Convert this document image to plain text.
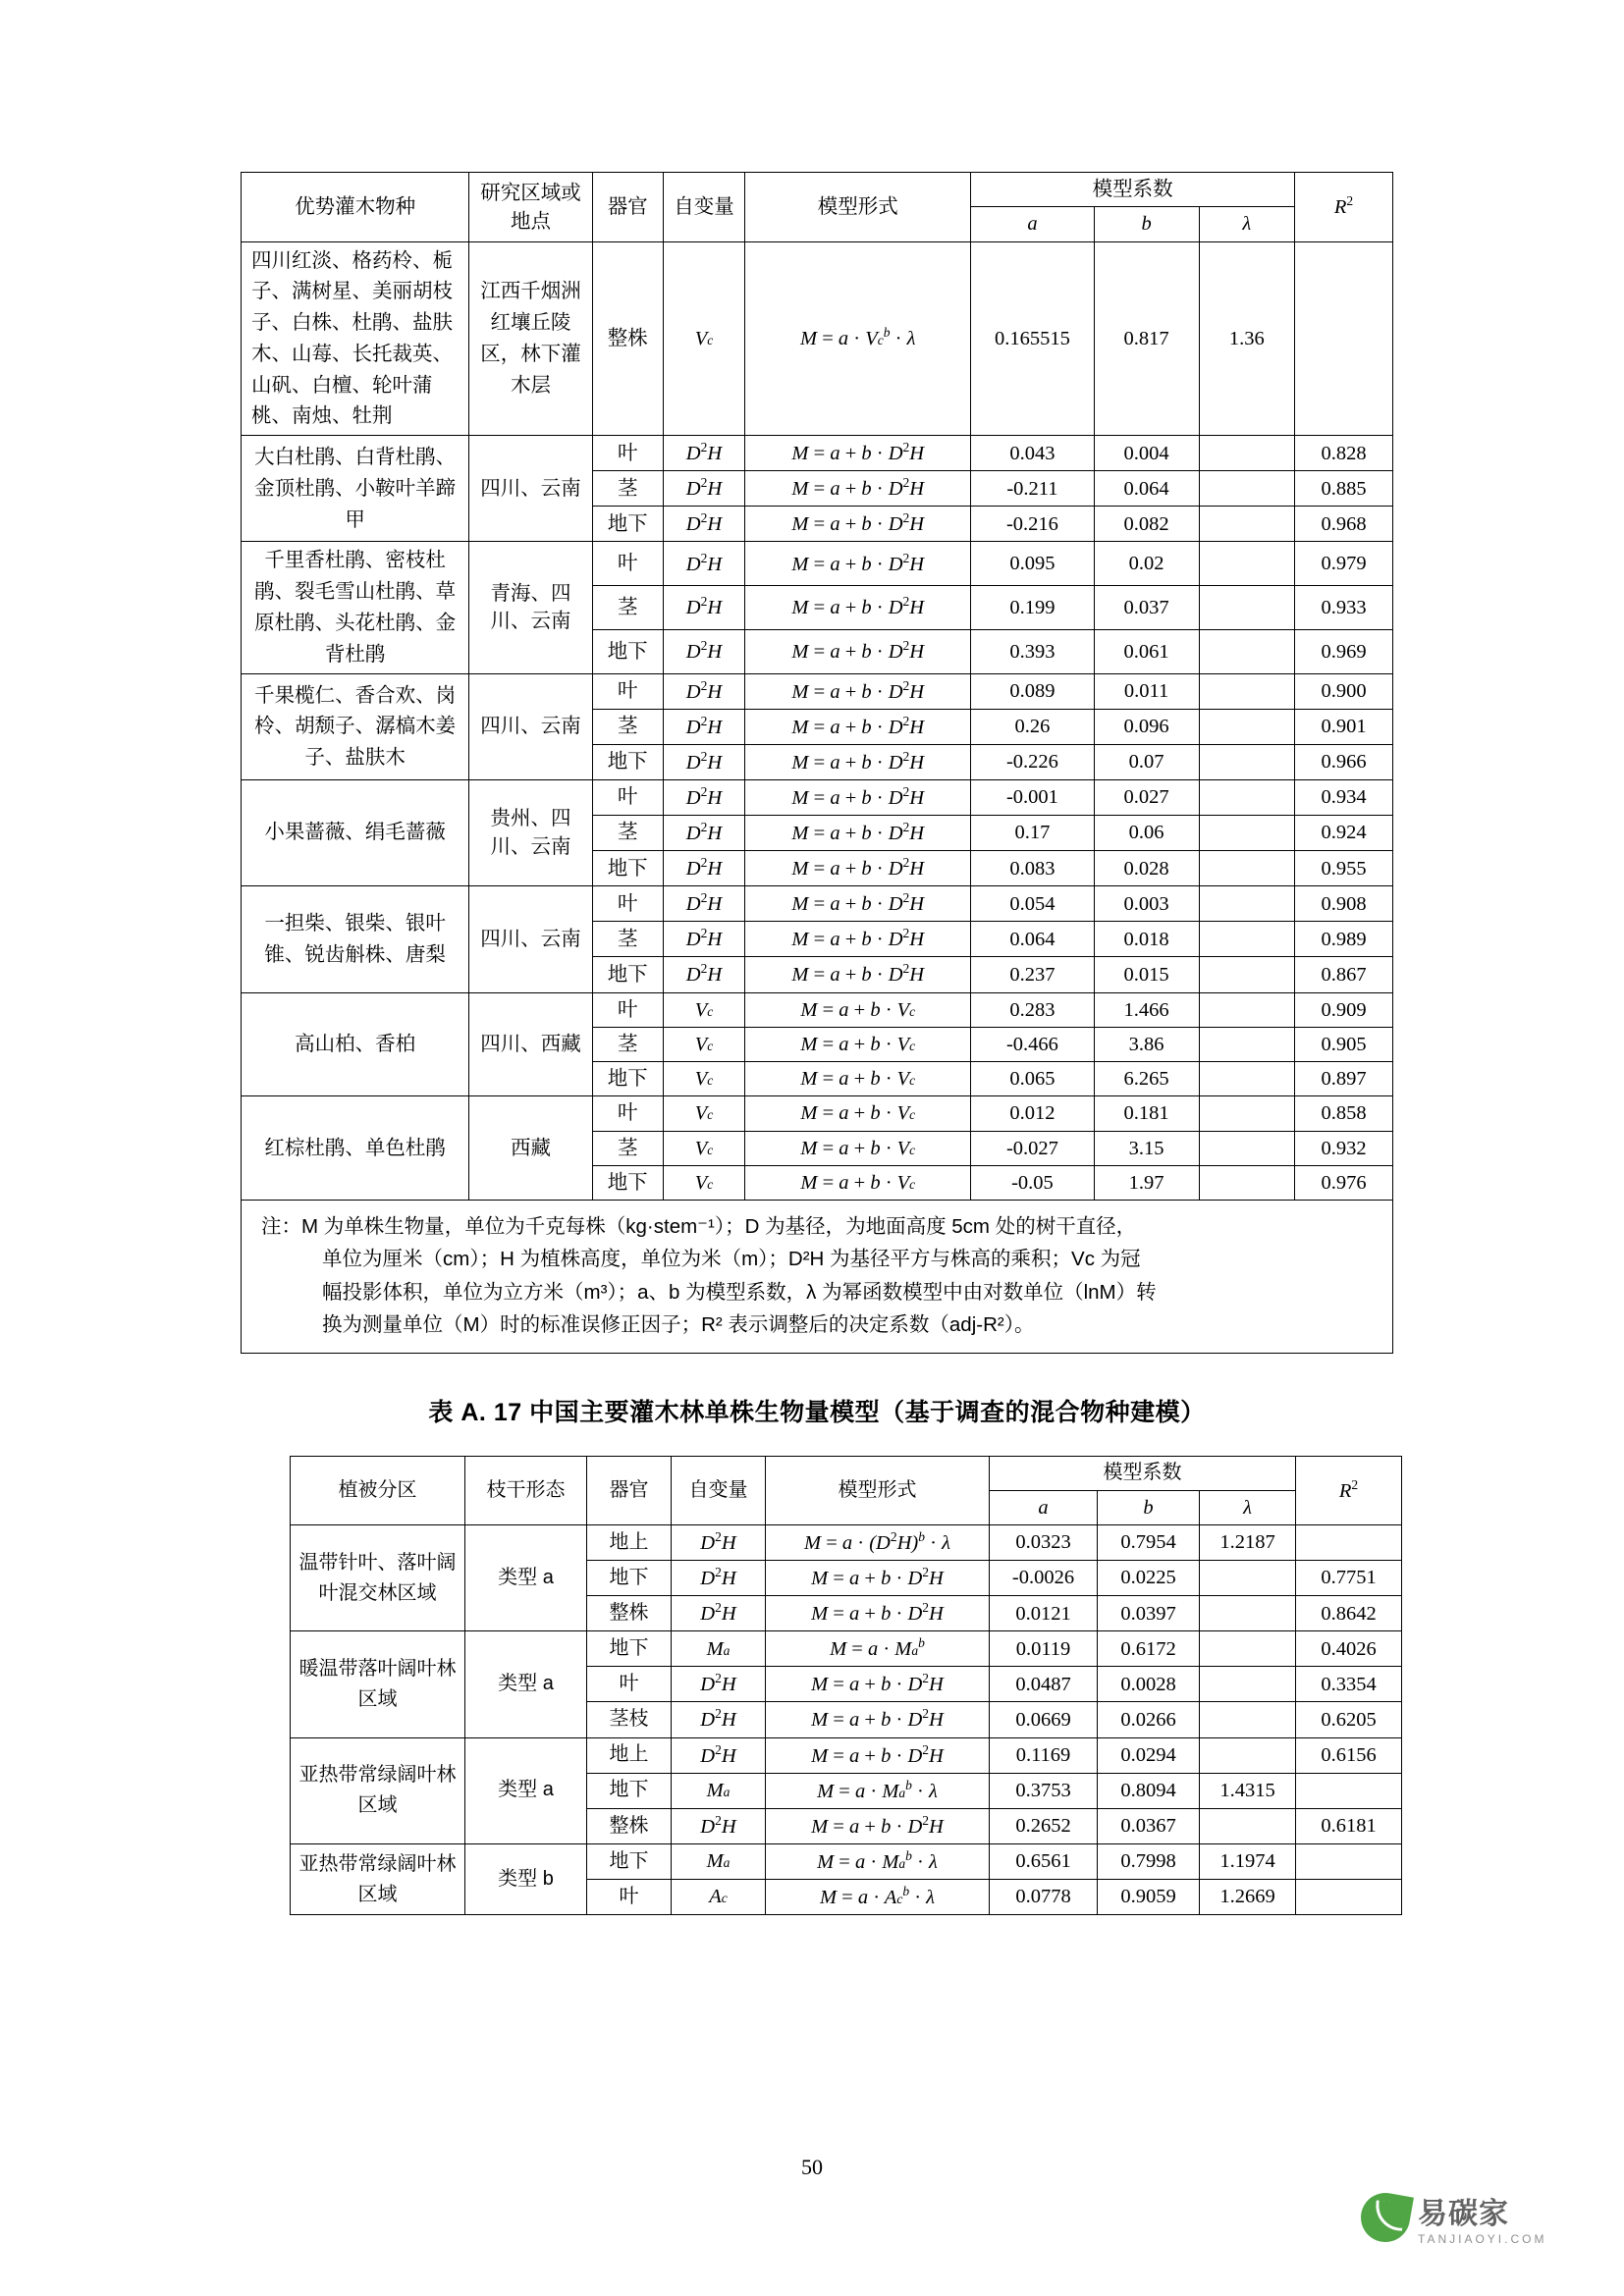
优势灌木物种	研究区域或地点	器官	自变量	模型形式	模型系数			$R^2$
					a	b	λ	
四川红淡、格药柃、栀子、满树星、美丽胡枝子、白株、杜鹃、盐肤木、山莓、长托裁英、山矾、白檀、轮叶蒲桃、南烛、牡荆	江西千烟洲红壤丘陵区，林下灌木层	整株	Vc	$M = a \cdot Vc^b \cdot \lambda$	0.165515	0.817	1.36	
大白杜鹃、白背杜鹃、金顶杜鹃、小鞍叶羊蹄甲	四川、云南	叶	$D^2H$	$M = a + b \cdot D^2H$	0.043	0.004		0.828
		茎	$D^2H$	$M = a + b \cdot D^2H$	-0.211	0.064		0.885
		地下	$D^2H$	$M = a + b \cdot D^2H$	-0.216	0.082		0.968
千里香杜鹃、密枝杜鹃、裂毛雪山杜鹃、草原杜鹃、头花杜鹃、金背杜鹃	青海、四川、云南	叶	$D^2H$	$M = a + b \cdot D^2H$	0.095	0.02		0.979
		茎	$D^2H$	$M = a + b \cdot D^2H$	0.199	0.037		0.933
		地下	$D^2H$	$M = a + b \cdot D^2H$	0.393	0.061		0.969
千果榄仁、香合欢、岗柃、胡颓子、潺槁木姜子、盐肤木	四川、云南	叶	$D^2H$	$M = a + b \cdot D^2H$	0.089	0.011		0.900
		茎	$D^2H$	$M = a + b \cdot D^2H$	0.26	0.096		0.901
		地下	$D^2H$	$M = a + b \cdot D^2H$	-0.226	0.07		0.966
小果蔷薇、绢毛蔷薇	贵州、四川、云南	叶	$D^2H$	$M = a + b \cdot D^2H$	-0.001	0.027		0.934
		茎	$D^2H$	$M = a + b \cdot D^2H$	0.17	0.06		0.924
		地下	$D^2H$	$M = a + b \cdot D^2H$	0.083	0.028		0.955
一担柴、银柴、银叶锥、锐齿斛株、唐梨	四川、云南	叶	$D^2H$	$M = a + b \cdot D^2H$	0.054	0.003		0.908
		茎	$D^2H$	$M = a + b \cdot D^2H$	0.064	0.018		0.989
		地下	$D^2H$	$M = a + b \cdot D^2H$	0.237	0.015		0.867
高山柏、香柏	四川、西藏	叶	Vc	M = a + b · Vc	0.283	1.466		0.909
		茎	Vc	M = a + b · Vc	-0.466	3.86		0.905
		地下	Vc	M = a + b · Vc	0.065	6.265		0.897
红棕杜鹃、单色杜鹃	西藏	叶	Vc	M = a + b · Vc	0.012	0.181		0.858
		茎	Vc	M = a + b · Vc	-0.027	3.15		0.932
		地下	Vc	M = a + b · Vc	-0.05	1.97		0.976

注：M 为单株生物量，单位为千克每株（kg·stem⁻¹）；D 为基径，为地面高度 5cm 处的树干直径，

单位为厘米（cm）；H 为植株高度，单位为米（m）；D²H 为基径平方与株高的乘积；Vc 为冠

幅投影体积，单位为立方米（m³）；a、b 为模型系数，λ 为幂函数模型中由对数单位（lnM）转

换为测量单位（M）时的标准误修正因子；R² 表示调整后的决定系数（adj-R²）。								

表 A. 17 中国主要灌木林单株生物量模型（基于调查的混合物种建模）
植被分区	枝干形态	器官	自变量	模型形式	模型系数			$R^2$
					a	b	λ	
温带针叶、落叶阔叶混交林区域	类型 a	地上	$D^2H$	$M = a \cdot (D^2H)^b \cdot \lambda$	0.0323	0.7954	1.2187	
		地下	$D^2H$	$M = a + b \cdot D^2H$	-0.0026	0.0225		0.7751
		整株	$D^2H$	$M = a + b \cdot D^2H$	0.0121	0.0397		0.8642
暖温带落叶阔叶林区域	类型 a	地下	Ma	$M = a \cdot Ma^b$	0.0119	0.6172		0.4026
		叶	$D^2H$	$M = a + b \cdot D^2H$	0.0487	0.0028		0.3354
		茎枝	$D^2H$	$M = a + b \cdot D^2H$	0.0669	0.0266		0.6205
亚热带常绿阔叶林区域	类型 a	地上	$D^2H$	$M = a + b \cdot D^2H$	0.1169	0.0294		0.6156
		地下	Ma	$M = a \cdot Ma^b \cdot \lambda$	0.3753	0.8094	1.4315	
		整株	$D^2H$	$M = a + b \cdot D^2H$	0.2652	0.0367		0.6181
亚热带常绿阔叶林区域	类型 b	地下	Ma	$M = a \cdot Ma^b \cdot \lambda$	0.6561	0.7998	1.1974	
		叶	Ac	$M = a \cdot Ac^b \cdot \lambda$	0.0778	0.9059	1.2669	
50
易碳家
TANJIAOYI.COM
